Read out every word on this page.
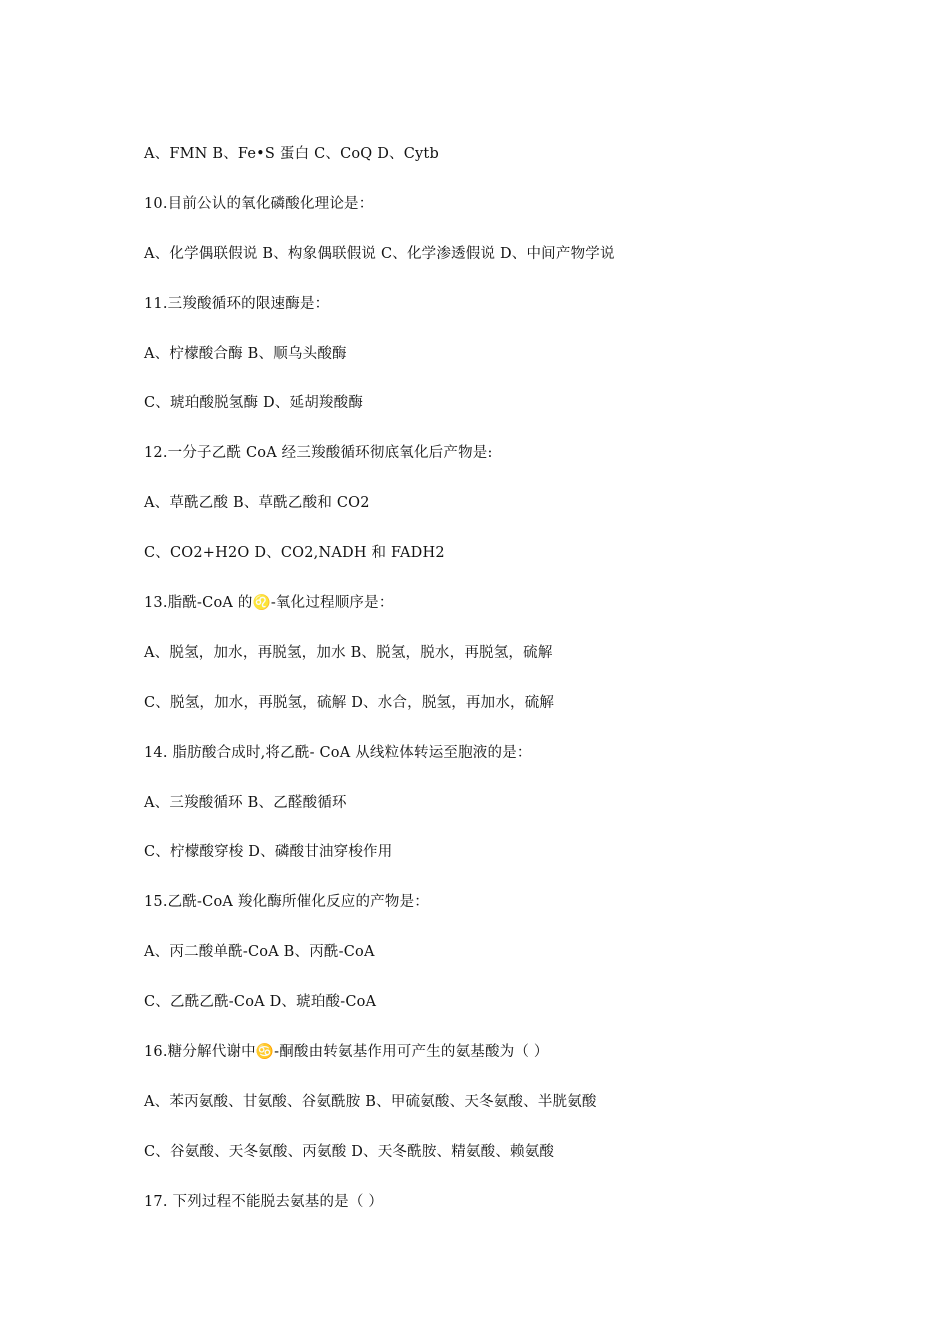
A、FMN B、Fe•S 蛋白 C、CoQ D、Cytb
10.目前公认的氧化磷酸化理论是：
A、化学偶联假说 B、构象偶联假说 C、化学渗透假说 D、中间产物学说
11.三羧酸循环的限速酶是：
A、柠檬酸合酶 B、顺乌头酸酶
C、琥珀酸脱氢酶 D、延胡羧酸酶
12.一分子乙酰 CoA 经三羧酸循环彻底氧化后产物是:
A、草酰乙酸 B、草酰乙酸和 CO2
C、CO2+H2O D、CO2,NADH 和 FADH2
13.脂酰-CoA 的♌-氧化过程顺序是：
A、脱氢，加水，再脱氢，加水 B、脱氢，脱水，再脱氢，硫解
C、脱氢，加水，再脱氢，硫解 D、水合，脱氢，再加水，硫解
14. 脂肪酸合成时,将乙酰- CoA 从线粒体转运至胞液的是：
A、三羧酸循环 B、乙醛酸循环
C、柠檬酸穿梭 D、磷酸甘油穿梭作用
15.乙酰-CoA 羧化酶所催化反应的产物是：
A、丙二酸单酰-CoA B、丙酰-CoA
C、乙酰乙酰-CoA D、琥珀酸-CoA
16.糖分解代谢中♋-酮酸由转氨基作用可产生的氨基酸为（ ）
A、苯丙氨酸、甘氨酸、谷氨酰胺 B、甲硫氨酸、天冬氨酸、半胱氨酸
C、谷氨酸、天冬氨酸、丙氨酸 D、天冬酰胺、精氨酸、赖氨酸
17. 下列过程不能脱去氨基的是（ ）
